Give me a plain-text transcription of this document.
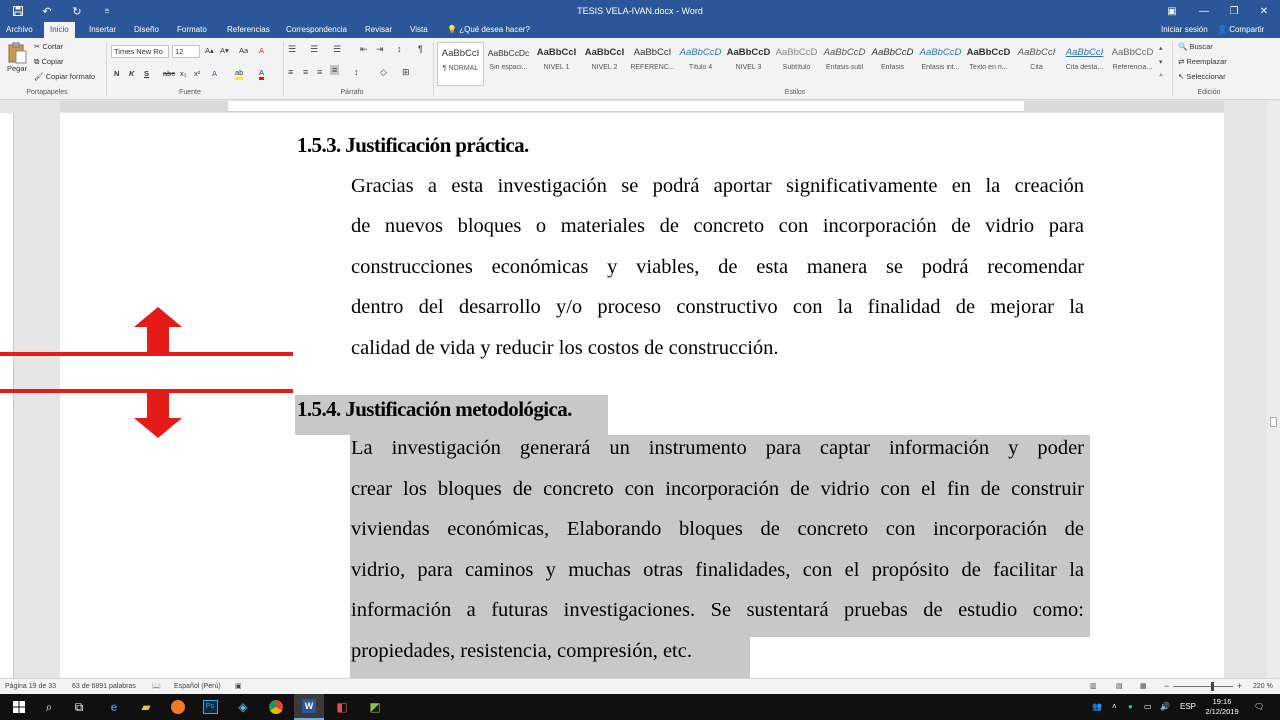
↶	↻	⩧	TESIS VELA-IVAN.docx - Word	▣	—	❐	✕
Archivo	Inicio	Insertar	Diseño	Formato	Referencias	Correspondencia	Revisar	Vista	💡 ¿Qué desea hacer?	Iniciar sesión 👤 Compartir
Pegar
✂ Cortar
⧉ Copiar
🖌 Copiar formato
Portapapeles
Times New Ro	12	A▴ A▾ Aa A
N K S abc x₂ x² A ab A
Fuente
☰ ☰ ☰ ⇤ ⇥ ↕ ¶
≡ ≡ ≡ ≡ ↕ ◇ ⊞
Párrafo
AaBbCcI
¶ NORMAL
AaBbCcDc
Sin espaci...
AaBbCcI
NIVEL 1
AaBbCcI
NIVEL 2
AaBbCcI
REFERENC...
AaBbCcD
Título 4
AaBbCcD
NIVEL 3
AaBbCcD
Subtítulo
AaBbCcD
Énfasis sutil
AaBbCcD
Énfasis
AaBbCcD
Énfasis int...
AaBbCcD
Texto en n...
AaBbCcI
Cita
AaBbCcI
Cita desta...
AaBbCcD
Referencia...
▴
▾
⩡
Estilos
🔍 Buscar
⇄ Reemplazar
↖ Seleccionar
Edición
1.5.3. Justificación práctica.
Gracias a esta investigación se podrá aportar significativamente en la creación
de nuevos bloques o materiales de concreto con incorporación de vidrio para
construcciones económicas y viables, de esta manera se podrá recomendar
dentro del desarrollo y/o proceso constructivo con la finalidad de mejorar la
calidad de vida y reducir los costos de construcción.
1.5.4. Justificación metodológica.
La investigación generará un instrumento para captar información y poder
crear los bloques de concreto con incorporación de vidrio con el fin de construir
viviendas económicas, Elaborando bloques de concreto con incorporación de
vidrio, para caminos y muchas otras finalidades, con el propósito de facilitar la
información a futuras investigaciones. Se sustentará pruebas de estudio como:
propiedades, resistencia, compresión, etc.
Página 19 de 33 63 de 6891 palabras 📖 Español (Perú) ▣	▥	▤ ▦ −	+ 220 %
⌕	⧉	e	▰	Ps	◈	W	◧	◩	👥 ˄ ● ▭ 🔊 ESP
19:16
2/12/2019
🗨
